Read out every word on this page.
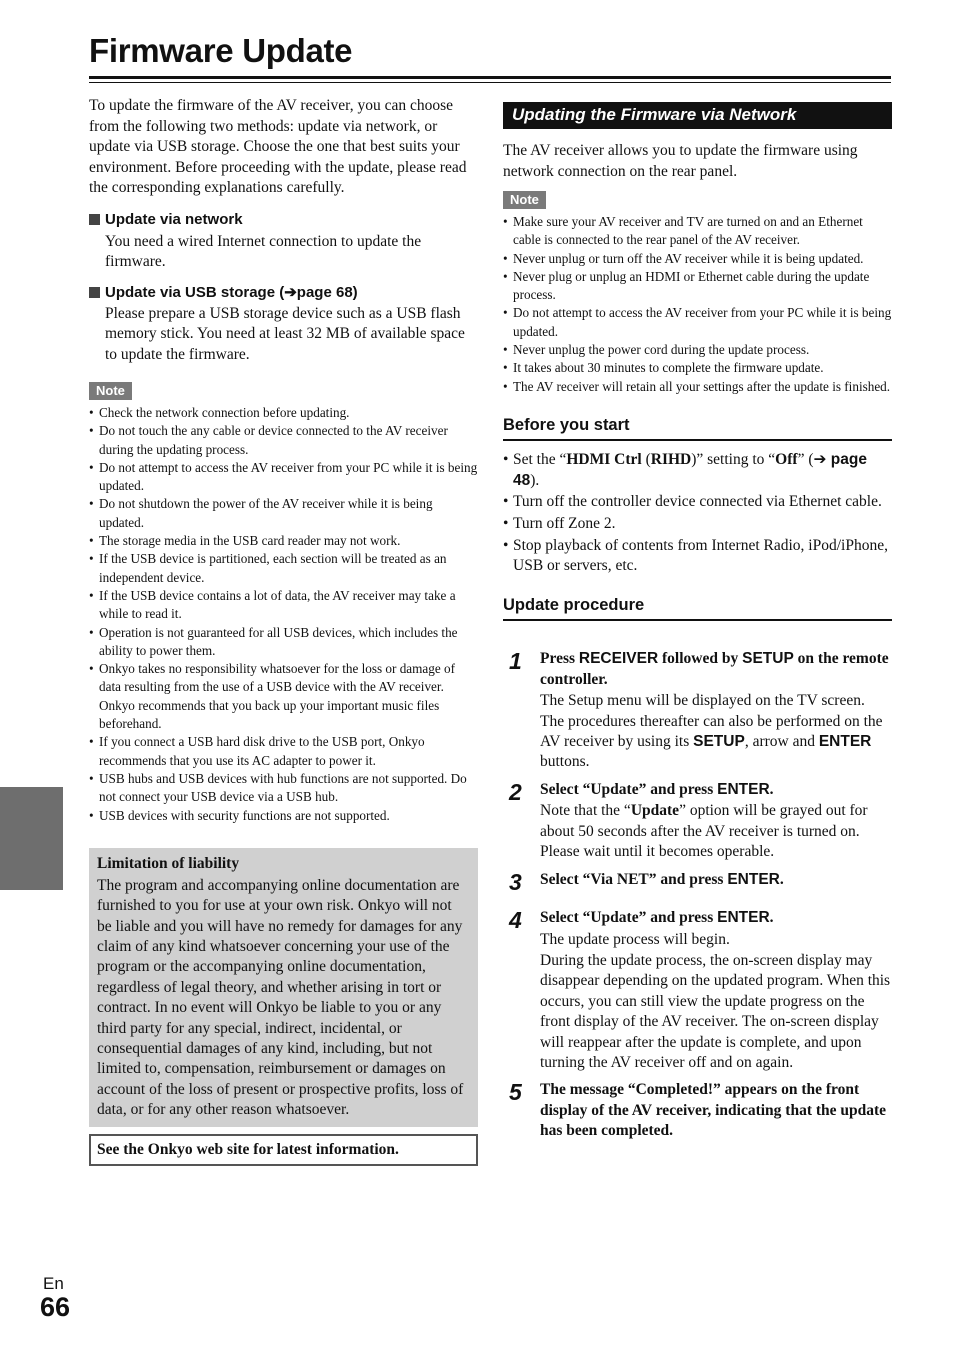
Firmware Update

To update the firmware of the AV receiver, you can choose from the following two methods: update via network, or update via USB storage. Choose the one that best suits your environment. Before proceeding with the update, please read the corresponding explanations carefully.

Update via network

You need a wired Internet connection to update the firmware.

Update via USB storage ( ➔ page 68)

Please prepare a USB storage device such as a USB flash memory stick. You need at least 32 MB of available space to update the firmware.

Note
• Check the network connection before updating.
• Do not touch the any cable or device connected to the AV receiver during the updating process.
• Do not attempt to access the AV receiver from your PC while it is being updated.
• Do not shutdown the power of the AV receiver while it is being updated.
• The storage media in the USB card reader may not work.
• If the USB device is partitioned, each section will be treated as an independent device.
• If the USB device contains a lot of data, the AV receiver may take a while to read it.
• Operation is not guaranteed for all USB devices, which includes the ability to power them.
• Onkyo takes no responsibility whatsoever for the loss or damage of data resulting from the use of a USB device with the AV receiver. Onkyo recommends that you back up your important music files beforehand.
• If you connect a USB hard disk drive to the USB port, Onkyo recommends that you use its AC adapter to power it.
• USB hubs and USB devices with hub functions are not supported. Do not connect your USB device via a USB hub.
• USB devices with security functions are not supported.
Limitation of liability

The program and accompanying online documentation are furnished to you for use at your own risk. Onkyo will not be liable and you will have no remedy for damages for any claim of any kind whatsoever concerning your use of the program or the accompanying online documentation, regardless of legal theory, and whether arising in tort or contract. In no event will Onkyo be liable to you or any third party for any special, indirect, incidental, or consequential damages of any kind, including, but not limited to, compensation, reimbursement or damages on account of the loss of present or prospective profits, loss of data, or for any other reason whatsoever.

See the Onkyo web site for latest information.
Updating the Firmware via Network

The AV receiver allows you to update the firmware using network connection on the rear panel.

Note
• Make sure your AV receiver and TV are turned on and an Ethernet cable is connected to the rear panel of the AV receiver.
• Never unplug or turn off the AV receiver while it is being updated.
• Never plug or unplug an HDMI or Ethernet cable during the update process.
• Do not attempt to access the AV receiver from your PC while it is being updated.
• Never unplug the power cord during the update process.
• It takes about 30 minutes to complete the firmware update.
• The AV receiver will retain all your settings after the update is finished.
Before you start
• Set the “HDMI Ctrl (RIHD)” setting to “Off” (➔ page 48).
• Turn off the controller device connected via Ethernet cable.
• Turn off Zone 2.
• Stop playback of contents from Internet Radio, iPod/iPhone, USB or servers, etc.
Update procedure
1 Press RECEIVER followed by SETUP on the remote controller.

The Setup menu will be displayed on the TV screen. The procedures thereafter can also be performed on the AV receiver by using its SETUP, arrow and ENTER buttons.

2 Select “Update” and press ENTER.

Note that the “Update” option will be grayed out for about 50 seconds after the AV receiver is turned on. Please wait until it becomes operable.

3 Select “Via NET” and press ENTER.
4 Select “Update” and press ENTER.

The update process will begin.

During the update process, the on-screen display may disappear depending on the updated program. When this occurs, you can still view the update progress on the front display of the AV receiver. The on-screen display will reappear after the update is complete, and upon turning the AV receiver off and on again.

5 The message “Completed!” appears on the front display of the AV receiver, indicating that the update has been completed.
En
66
